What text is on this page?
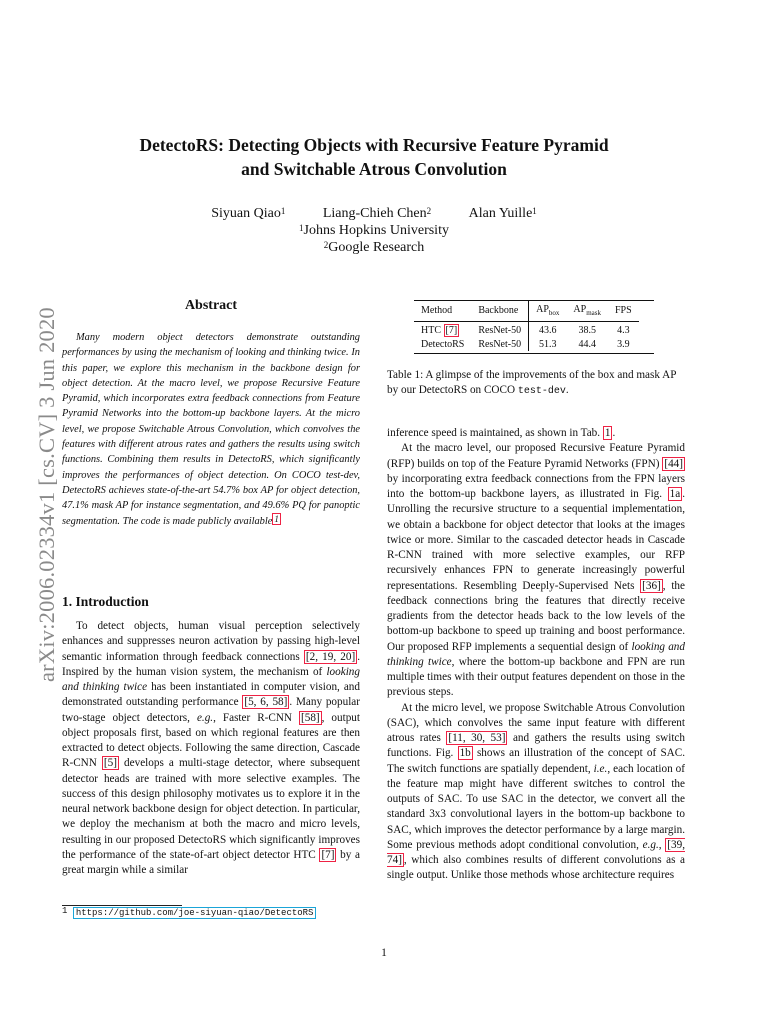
arXiv:2006.02334v1 [cs.CV] 3 Jun 2020
DetectoRS: Detecting Objects with Recursive Feature Pyramid
and Switchable Atrous Convolution
Siyuan Qiao$^1$	Liang-Chieh Chen$^2$	Alan Yuille$^1$
$^1$Johns Hopkins University
$^2$Google Research
Abstract
Many modern object detectors demonstrate outstanding performances by using the mechanism of looking and thinking twice. In this paper, we explore this mechanism in the backbone design for object detection. At the macro level, we propose Recursive Feature Pyramid, which incorporates extra feedback connections from Feature Pyramid Networks into the bottom-up backbone layers. At the micro level, we propose Switchable Atrous Convolution, which convolves the features with different atrous rates and gathers the results using switch functions. Combining them results in DetectoRS, which significantly improves the performances of object detection. On COCO test-dev, DetectoRS achieves state-of-the-art 54.7% box AP for object detection, 47.1% mask AP for instance segmentation, and 49.6% PQ for panoptic segmentation. The code is made publicly available $^1$
1. Introduction

To detect objects, human visual perception selectively enhances and suppresses neuron activation by passing high-level semantic information through feedback connections [2, 19, 20] . Inspired by the human vision system, the mechanism of looking and thinking twice has been instantiated in computer vision, and demonstrated outstanding performance [5, 6, 58] . Many popular two-stage object detectors, e.g., Faster R-CNN [58] , output object proposals first, based on which regional features are then extracted to detect objects. Following the same direction, Cascade R-CNN [5] develops a multi-stage detector, where subsequent detector heads are trained with more selective examples. The success of this design philosophy motivates us to explore it in the neural network backbone design for object detection. In particular, we deploy the mechanism at both the macro and micro levels, resulting in our proposed DetectoRS which significantly improves the performance of the state-of-art object detector HTC [7] by a great margin while a similar

$^1$ https://github.com/joe-siyuan-qiao/DetectoRS
1
Method	Backbone	$AP_{box}$	$AP_{mask}$	FPS
HTC [7]	ResNet-50	43.6	38.5	4.3
DetectoRS	ResNet-50	51.3	44.4	3.9
Table 1: A glimpse of the improvements of the box and mask AP by our DetectoRS on COCO test-dev.

inference speed is maintained, as shown in Tab. 1 .

At the macro level, our proposed Recursive Feature Pyramid (RFP) builds on top of the Feature Pyramid Networks (FPN) [44] by incorporating extra feedback connections from the FPN layers into the bottom-up backbone layers, as illustrated in Fig. 1a . Unrolling the recursive structure to a sequential implementation, we obtain a backbone for object detector that looks at the images twice or more. Similar to the cascaded detector heads in Cascade R-CNN trained with more selective examples, our RFP recursively enhances FPN to generate increasingly powerful representations. Resembling Deeply-Supervised Nets [36] , the feedback connections bring the features that directly receive gradients from the detector heads back to the low levels of the bottom-up backbone to speed up training and boost performance. Our proposed RFP implements a sequential design of looking and thinking twice, where the bottom-up backbone and FPN are run multiple times with their output features dependent on those in the previous steps.

At the micro level, we propose Switchable Atrous Convolution (SAC), which convolves the same input feature with different atrous rates [11, 30, 53] and gathers the results using switch functions. Fig. 1b shows an illustration of the concept of SAC. The switch functions are spatially dependent, i.e., each location of the feature map might have different switches to control the outputs of SAC. To use SAC in the detector, we convert all the standard 3x3 convolutional layers in the bottom-up backbone to SAC, which improves the detector performance by a large margin. Some previous methods adopt conditional convolution, e.g., [39, 74] , which also combines results of different convolutions as a single output. Unlike those methods whose architecture requires
